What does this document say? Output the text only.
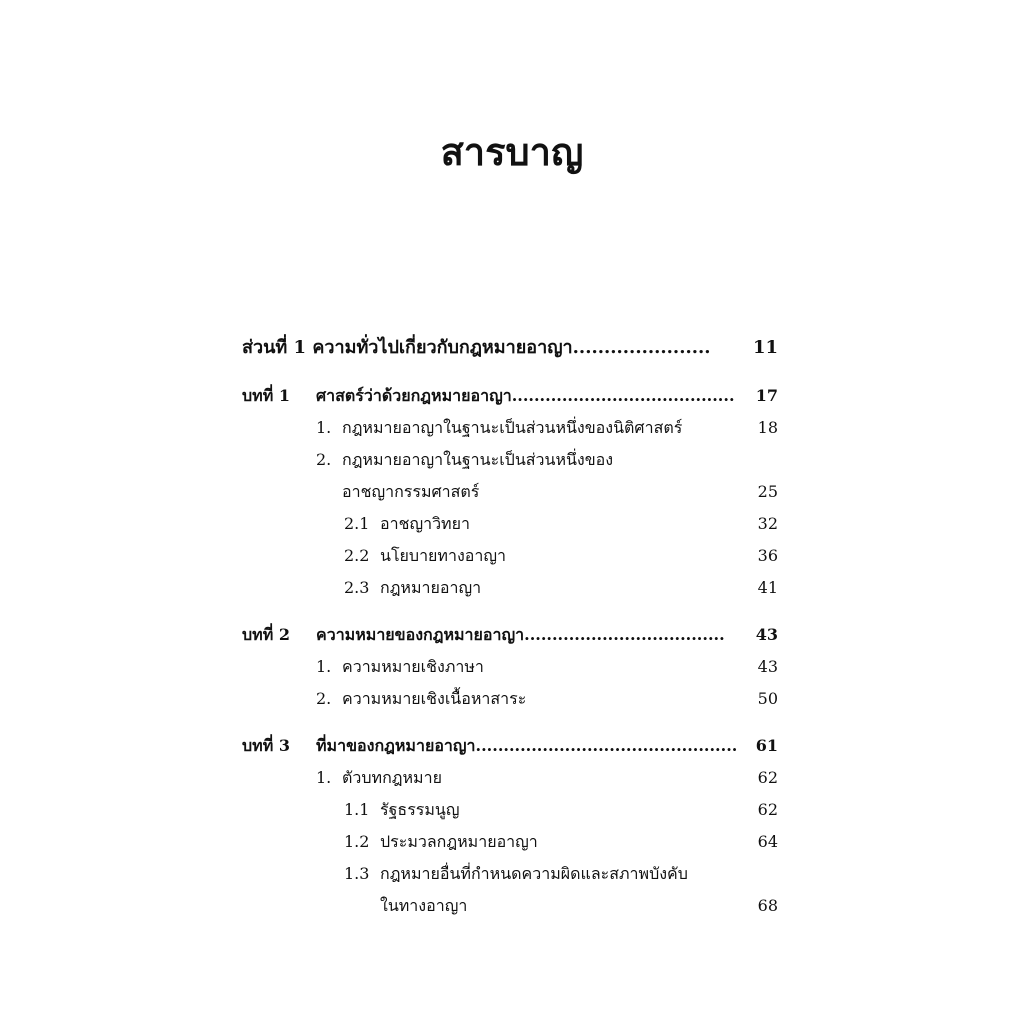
สารบาญ
ส่วนที่ 1 ความทั่วไปเกี่ยวกับกฎหมายอาญา...................... 11
บทที่ 1 ศาสตร์ว่าด้วยกฎหมายอาญา........................................ 17
1. กฎหมายอาญาในฐานะเป็นส่วนหนึ่งของนิติศาสตร์	18
2. กฎหมายอาญาในฐานะเป็นส่วนหนึ่งของ
อาชญากรรมศาสตร์	25
2.1 อาชญาวิทยา	32
2.2 นโยบายทางอาญา	36
2.3 กฎหมายอาญา	41
บทที่ 2 ความหมายของกฎหมายอาญา.................................... 43
1. ความหมายเชิงภาษา	43
2. ความหมายเชิงเนื้อหาสาระ	50
บทที่ 3 ที่มาของกฎหมายอาญา............................................... 61
1. ตัวบทกฎหมาย	62
1.1 รัฐธรรมนูญ	62
1.2 ประมวลกฎหมายอาญา	64
1.3 กฎหมายอื่นที่กำหนดความผิดและสภาพบังคับ
ในทางอาญา	68
